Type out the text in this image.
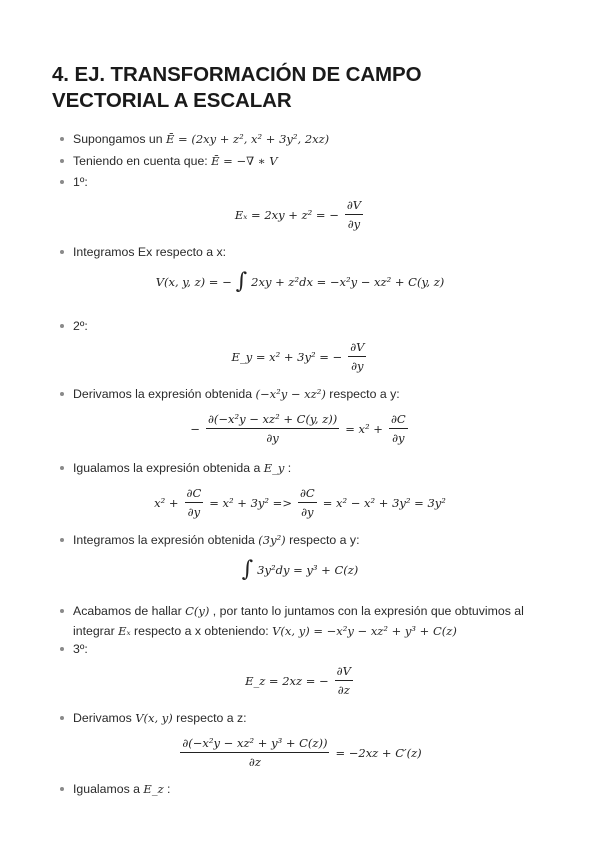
4. EJ. TRANSFORMACIÓN DE CAMPO
VECTORIAL A ESCALAR
Supongamos un Ē = (2xy + z², x² + 3y², 2xz)
Teniendo en cuenta que: Ē = −∇ ∗ V
1º:
Eₓ = 2xy + z² = − $\frac{\partial V}{\partial y}$
Integramos Ex respecto a x:
V(x, y, z) = − ∫ 2xy + z²dx = −x²y − xz² + C(y, z)
2º:
E_y = x² + 3y² = − $\frac{\partial V}{\partial y}$
Derivamos la expresión obtenida (−x²y − xz²) respecto a y:
− $\frac{\text{∂(−x²y − xz² + C(y, z))}}{\partial y} = x^2 + \frac{\partial C}{\partial y}$
Igualamos la expresión obtenida a E_y :
$x^2 + \frac{\partial C}{\partial y} = x^2 + 3y^2 => \frac{\partial C}{\partial y} = x^2 - x^2 + 3y^2 = 3y^2$
Integramos la expresión obtenida (3y²) respecto a y:
∫ 3y²dy = y³ + C(z)
Acabamos de hallar C(y) , por tanto lo juntamos con la expresión que obtuvimos al
integrar Eₓ respecto a x obteniendo: V(x, y) = −x²y − xz² + y³ + C(z)
3º:
E_z = 2xz = − $\frac{\partial V}{\partial z}$
Derivamos V(x, y) respecto a z:
$\frac{\text{∂(−x²y − xz² + y³ + C(z))}}{\partial z} = -2xz + C'(z)$
Igualamos a E_z :
